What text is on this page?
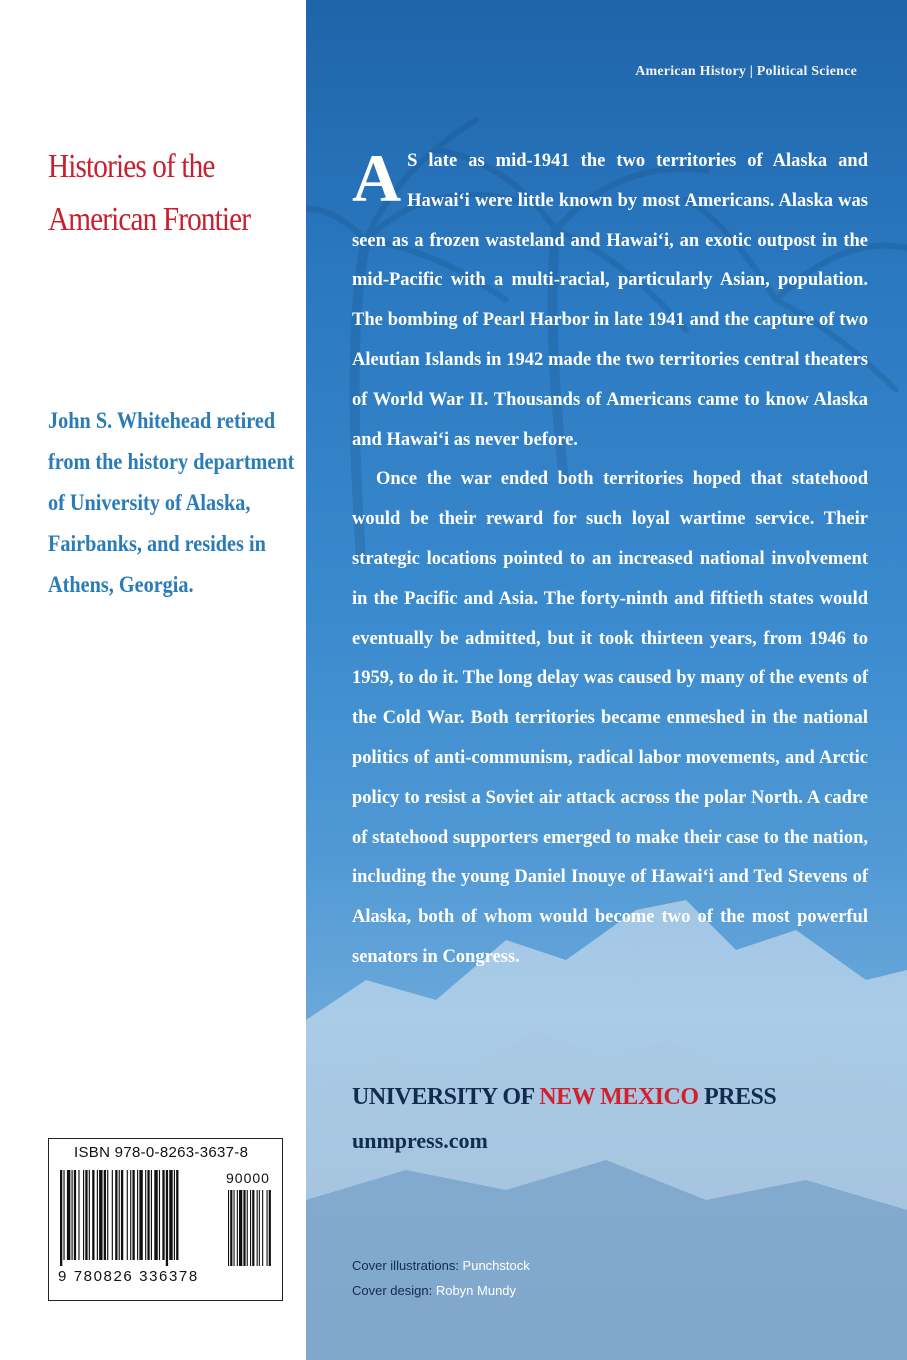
Histories of the
American Frontier
John S. Whitehead retired from the history department of University of Alaska, Fairbanks, and resides in Athens, Georgia.
ISBN 978-0-8263-3637-8
90000
9 780826 336378
American History | Political Science

A S late as mid-1941 the two territories of Alaska and Hawai‘i were little known by most Americans. Alaska was seen as a frozen wasteland and Hawai‘i, an exotic outpost in the mid-Pacific with a multi-racial, particularly Asian, population. The bombing of Pearl Harbor in late 1941 and the capture of two Aleutian Islands in 1942 made the two territories central theaters of World War II. Thousands of Americans came to know Alaska and Hawai‘i as never before.

Once the war ended both territories hoped that statehood would be their reward for such loyal wartime service. Their strategic locations pointed to an increased national involvement in the Pacific and Asia. The forty-ninth and fiftieth states would eventually be admitted, but it took thirteen years, from 1946 to 1959, to do it. The long delay was caused by many of the events of the Cold War. Both territories became enmeshed in the national politics of anti-communism, radical labor movements, and Arctic policy to resist a Soviet air attack across the polar North. A cadre of statehood supporters emerged to make their case to the nation, including the young Daniel Inouye of Hawai‘i and Ted Stevens of Alaska, both of whom would become two of the most powerful senators in Congress.

UNIVERSITY OF NEW MEXICO PRESS
unmpress.com
Cover illustrations: Punchstock
Cover design: Robyn Mundy
